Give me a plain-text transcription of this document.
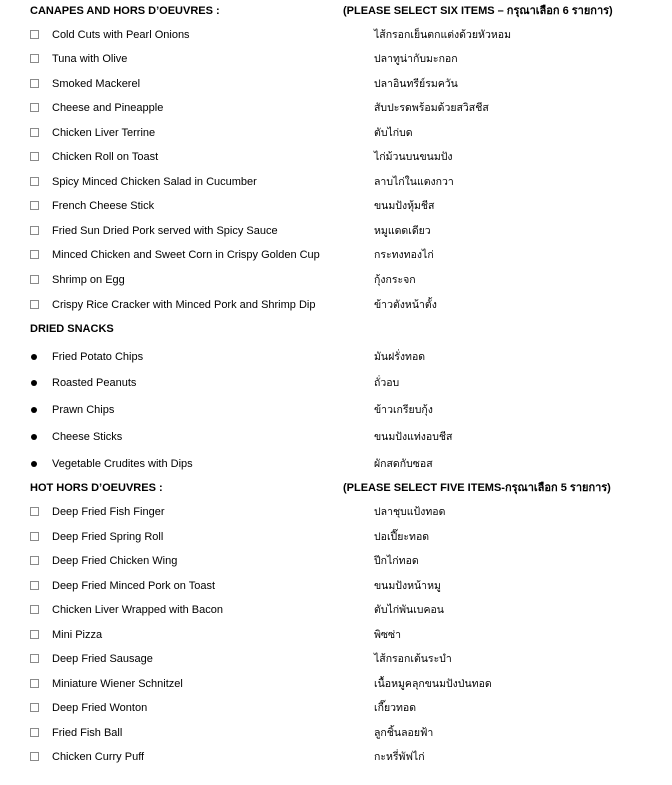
CANAPES AND HORS D’OEUVRES :	(PLEASE SELECT SIX ITEMS – กรุณาเลือก 6 รายการ)
Cold Cuts with Pearl Onions	ไส้กรอกเย็นตกแต่งด้วยหัวหอม
Tuna with Olive	ปลาทูน่ากับมะกอก
Smoked Mackerel	ปลาอินทรีย์รมควัน
Cheese and Pineapple	สับปะรดพร้อมด้วยสวิสชีส
Chicken Liver Terrine	ตับไก่บด
Chicken Roll on Toast	ไก่ม้วนบนขนมปัง
Spicy Minced Chicken Salad in Cucumber	ลาบไก่ในแตงกวา
French Cheese Stick	ขนมปังหุ้มชีส
Fried Sun Dried Pork served with Spicy Sauce	หมูแดดเดียว
Minced Chicken and Sweet Corn in Crispy Golden Cup	กระทงทองไก่
Shrimp on Egg	กุ้งกระจก
Crispy Rice Cracker with Minced Pork and Shrimp Dip	ข้าวตังหน้าตั้ง
DRIED SNACKS
Fried Potato Chips	มันฝรั่งทอด
Roasted Peanuts	ถั่วอบ
Prawn Chips	ข้าวเกรียบกุ้ง
Cheese Sticks	ขนมปังแท่งอบชีส
Vegetable Crudites with Dips	ผักสดกับซอส
HOT HORS D’OEUVRES :	(PLEASE SELECT FIVE ITEMS-กรุณาเลือก 5 รายการ)
Deep Fried Fish Finger	ปลาชุบแป้งทอด
Deep Fried Spring Roll	ปอเปี๊ยะทอด
Deep Fried Chicken Wing	ปีกไก่ทอด
Deep Fried Minced Pork on Toast	ขนมปังหน้าหมู
Chicken Liver Wrapped with Bacon	ตับไก่พันเบคอน
Mini Pizza	พิซซ่า
Deep Fried Sausage	ไส้กรอกเต้นระบำ
Miniature Wiener Schnitzel	เนื้อหมูคลุกขนมปังป่นทอด
Deep Fried Wonton	เกี๊ยวทอด
Fried Fish Ball	ลูกชิ้นลอยฟ้า
Chicken Curry Puff	กะหรี่พัฟไก่
